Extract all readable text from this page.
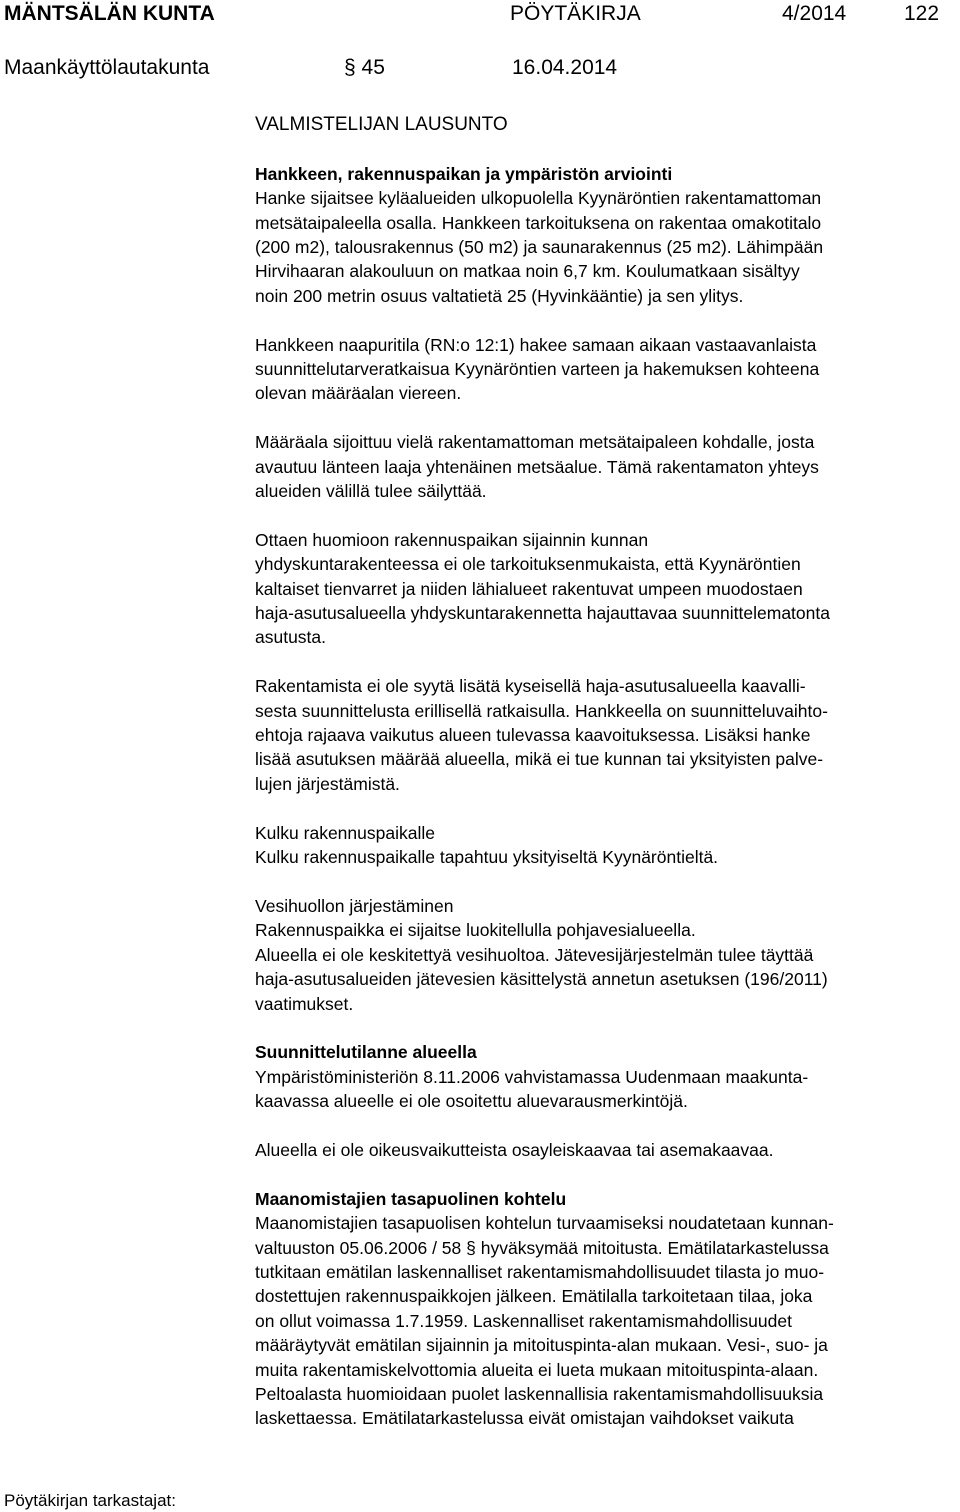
MÄNTSÄLÄN KUNTA	PÖYTÄKIRJA	4/2014	122
Maankäyttölautakunta	§ 45	16.04.2014
VALMISTELIJAN LAUSUNTO
Hankkeen, rakennuspaikan ja ympäristön arviointi
Hanke sijaitsee kyläalueiden ulkopuolella Kyynäröntien rakentamattoman
metsätaipaleella osalla. Hankkeen tarkoituksena on rakentaa omakotitalo
(200 m2), talousrakennus (50 m2) ja saunarakennus (25 m2). Lähimpään
Hirvihaaran alakouluun on matkaa noin 6,7 km. Koulumatkaan sisältyy
noin 200 metrin osuus valtatietä 25 (Hyvinkääntie) ja sen ylitys.
Hankkeen naapuritila (RN:o 12:1) hakee samaan aikaan vastaavanlaista
suunnittelutarveratkaisua Kyynäröntien varteen ja hakemuksen kohteena
olevan määräalan viereen.
Määräala sijoittuu vielä rakentamattoman metsätaipaleen kohdalle, josta
avautuu länteen laaja yhtenäinen metsäalue. Tämä rakentamaton yhteys
alueiden välillä tulee säilyttää.
Ottaen huomioon rakennuspaikan sijainnin kunnan
yhdyskuntarakenteessa ei ole tarkoituksenmukaista, että Kyynäröntien
kaltaiset tienvarret ja niiden lähialueet rakentuvat umpeen muodostaen
haja-asutusalueella yhdyskuntarakennetta hajauttavaa suunnittelematonta
asutusta.
Rakentamista ei ole syytä lisätä kyseisellä haja-asutusalueella kaavalli-
sesta suunnittelusta erillisellä ratkaisulla. Hankkeella on suunnitteluvaihto-
ehtoja rajaava vaikutus alueen tulevassa kaavoituksessa. Lisäksi hanke
lisää asutuksen määrää alueella, mikä ei tue kunnan tai yksityisten palve-
lujen järjestämistä.
Kulku rakennuspaikalle
Kulku rakennuspaikalle tapahtuu yksityiseltä Kyynäröntieltä.
Vesihuollon järjestäminen
Rakennuspaikka ei sijaitse luokitellulla pohjavesialueella.
Alueella ei ole keskitettyä vesihuoltoa. Jätevesijärjestelmän tulee täyttää
haja-asutusalueiden jätevesien käsittelystä annetun asetuksen (196/2011)
vaatimukset.
Suunnittelutilanne alueella
Ympäristöministeriön 8.11.2006 vahvistamassa Uudenmaan maakunta-
kaavassa alueelle ei ole osoitettu aluevarausmerkintöjä.
Alueella ei ole oikeusvaikutteista osayleiskaavaa tai asemakaavaa.
Maanomistajien tasapuolinen kohtelu
Maanomistajien tasapuolisen kohtelun turvaamiseksi noudatetaan kunnan-
valtuuston 05.06.2006 / 58 § hyväksymää mitoitusta. Emätilatarkastelussa
tutkitaan emätilan laskennalliset rakentamismahdollisuudet tilasta jo muo-
dostettujen rakennuspaikkojen jälkeen. Emätilalla tarkoitetaan tilaa, joka
on ollut voimassa 1.7.1959. Laskennalliset rakentamismahdollisuudet
määräytyvät emätilan sijainnin ja mitoituspinta-alan mukaan. Vesi-, suo- ja
muita rakentamiskelvottomia alueita ei lueta mukaan mitoituspinta-alaan.
Peltoalasta huomioidaan puolet laskennallisia rakentamismahdollisuuksia
laskettaessa. Emätilatarkastelussa eivät omistajan vaihdokset vaikuta
Pöytäkirjan tarkastajat:
